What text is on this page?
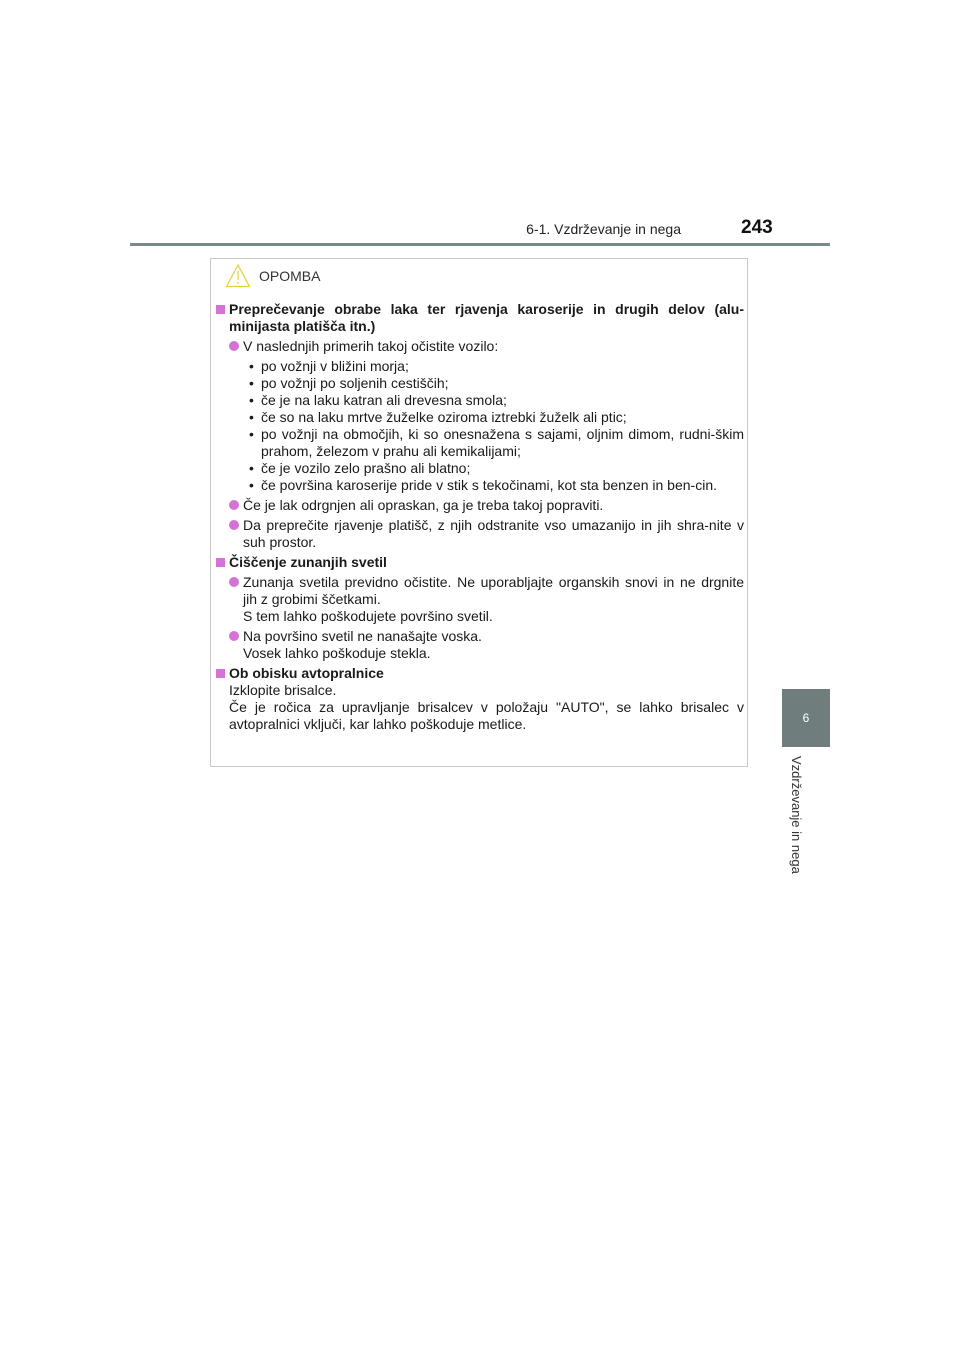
6-1. Vzdrževanje in nega	243
6
Vzdrževanje in nega
OPOMBA
Preprečevanje obrabe laka ter rjavenja karoserije in drugih delov (alu-minijasta platišča itn.)
V naslednjih primerih takoj očistite vozilo:
• po vožnji v bližini morja;
• po vožnji po soljenih cestiščih;
• če je na laku katran ali drevesna smola;
• če so na laku mrtve žuželke oziroma iztrebki žuželk ali ptic;
• po vožnji na območjih, ki so onesnažena s sajami, oljnim dimom, rudni-škim prahom, železom v prahu ali kemikalijami;
• če je vozilo zelo prašno ali blatno;
• če površina karoserije pride v stik s tekočinami, kot sta benzen in ben-cin.
Če je lak odrgnjen ali opraskan, ga je treba takoj popraviti.
Da preprečite rjavenje platišč, z njih odstranite vso umazanijo in jih shra-nite v suh prostor.
Čiščenje zunanjih svetil
Zunanja svetila previdno očistite. Ne uporabljajte organskih snovi in ne drgnite jih z grobimi ščetkami.
S tem lahko poškodujete površino svetil.
Na površino svetil ne nanašajte voska.
Vosek lahko poškoduje stekla.
Ob obisku avtopralnice
Izklopite brisalce.
Če je ročica za upravljanje brisalcev v položaju "AUTO", se lahko brisalec v avtopralnici vključi, kar lahko poškoduje metlice.
